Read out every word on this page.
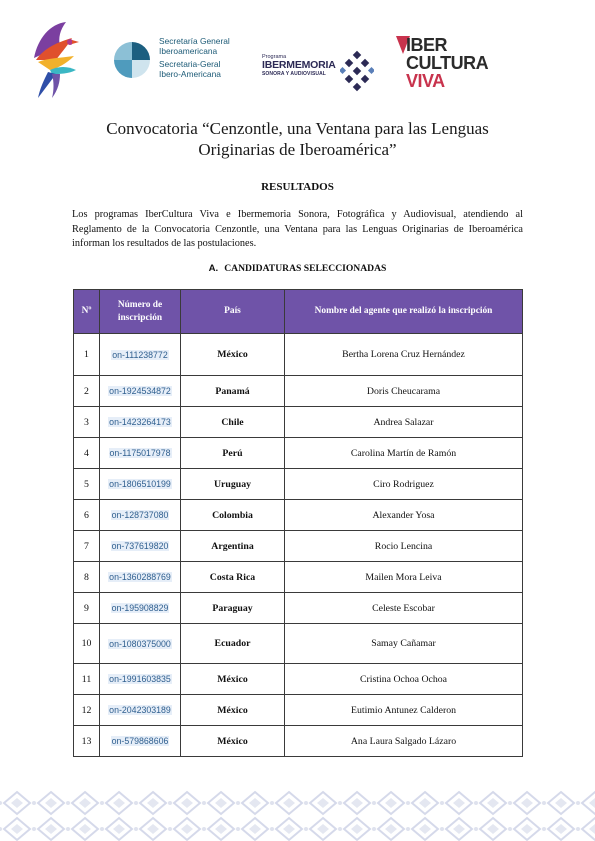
Secretaría General
Iberoamericana
Secretaria-Geral
Ibero-Americana
Programa
IBERMEMORIA
SONORA Y AUDIOVISUAL
IBER
CULTURA
VIVA
Convocatoria “Cenzontle, una Ventana para las Lenguas
Originarias de Iberoamérica”
RESULTADOS
Los programas IberCultura Viva e Ibermemoria Sonora, Fotográfica y Audiovisual, atendiendo al Reglamento de la Convocatoria Cenzontle, una Ventana para las Lenguas Originarias de Iberoamérica informan los resultados de las postulaciones.
A. CANDIDATURAS SELECCIONADAS
Nº	Número de inscripción	País	Nombre del agente que realizó la inscripción
1	on-111238772	México	Bertha Lorena Cruz Hernández
2	on-1924534872	Panamá	Doris Cheucarama
3	on-1423264173	Chile	Andrea Salazar
4	on-1175017978	Perú	Carolina Martín de Ramón
5	on-1806510199	Uruguay	Ciro Rodriguez
6	on-128737080	Colombia	Alexander Yosa
7	on-737619820	Argentina	Rocio Lencina
8	on-1360288769	Costa Rica	Mailen Mora Leiva
9	on-195908829	Paraguay	Celeste Escobar
10	on-1080375000	Ecuador	Samay Cañamar
11	on-1991603835	México	Cristina Ochoa Ochoa
12	on-2042303189	México	Eutimio Antunez Calderon
13	on-579868606	México	Ana Laura Salgado Lázaro
